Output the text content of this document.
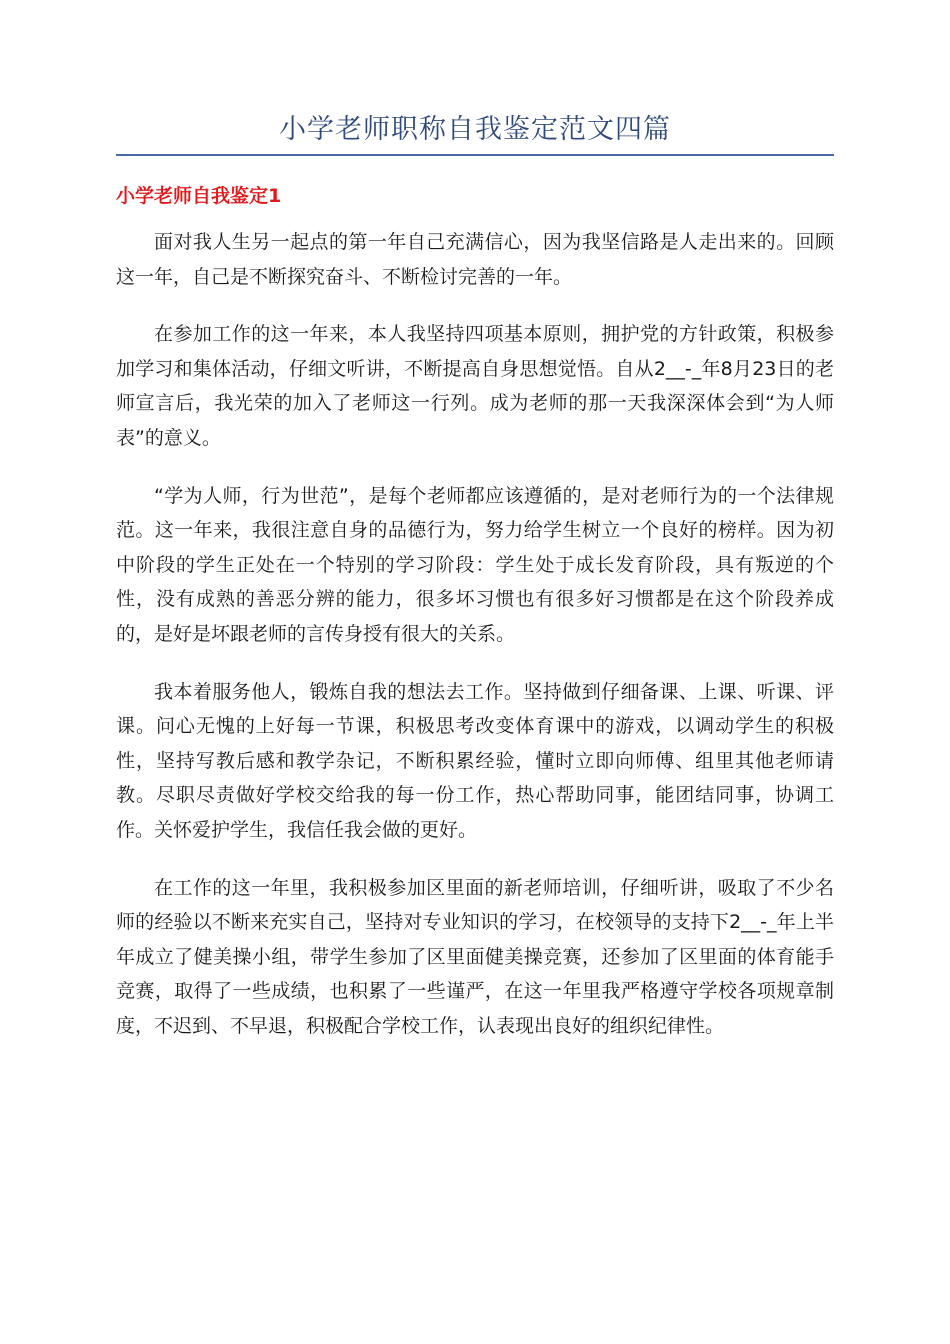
小学老师职称自我鉴定范文四篇
小学老师自我鉴定1

面对我人生另一起点的第一年自己充满信心，因为我坚信路是人走出来的。回顾这一年，自己是不断探究奋斗、不断检讨完善的一年。

在参加工作的这一年来，本人我坚持四项基本原则，拥护党的方针政策，积极参加学习和集体活动，仔细文听讲，不断提高自身思想觉悟。自从2__-_年8月23日的老师宣言后，我光荣的加入了老师这一行列。成为老师的那一天我深深体会到“为人师表”的意义。

“学为人师，行为世范”，是每个老师都应该遵循的，是对老师行为的一个法律规范。这一年来，我很注意自身的品德行为，努力给学生树立一个良好的榜样。因为初中阶段的学生正处在一个特别的学习阶段：学生处于成长发育阶段，具有叛逆的个性，没有成熟的善恶分辨的能力，很多坏习惯也有很多好习惯都是在这个阶段养成的，是好是坏跟老师的言传身授有很大的关系。

我本着服务他人，锻炼自我的想法去工作。坚持做到仔细备课、上课、听课、评课。问心无愧的上好每一节课，积极思考改变体育课中的游戏，以调动学生的积极性，坚持写教后感和教学杂记，不断积累经验，懂时立即向师傅、组里其他老师请教。尽职尽责做好学校交给我的每一份工作，热心帮助同事，能团结同事，协调工作。关怀爱护学生，我信任我会做的更好。

在工作的这一年里，我积极参加区里面的新老师培训，仔细听讲，吸取了不少名师的经验以不断来充实自己，坚持对专业知识的学习，在校领导的支持下2__-_年上半年成立了健美操小组，带学生参加了区里面健美操竞赛，还参加了区里面的体育能手竞赛，取得了一些成绩，也积累了一些谨严，在这一年里我严格遵守学校各项规章制度，不迟到、不早退，积极配合学校工作，认表现出良好的组织纪律性。
